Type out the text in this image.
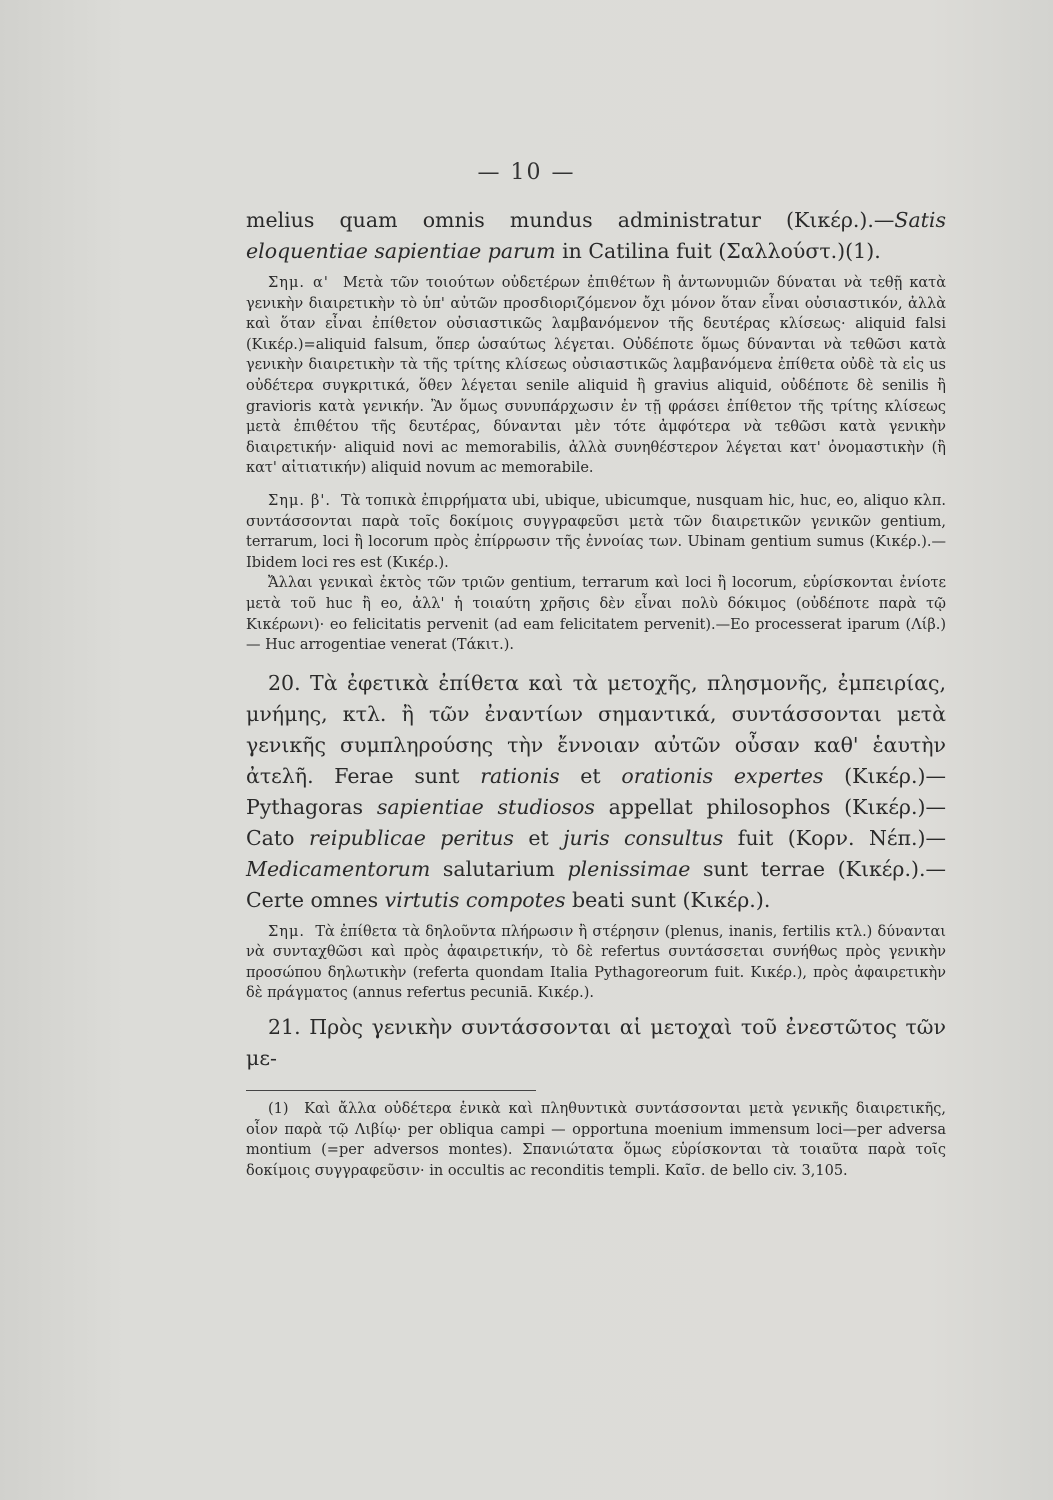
— 10 —

melius quam omnis mundus administratur (Κικέρ.).—Satis eloquentiae sapientiae parum in Catilina fuit (Σαλλούστ.)(1).

Σημ. α' Μετὰ τῶν τοιούτων οὐδετέρων ἐπιθέτων ἢ ἀντωνυμιῶν δύναται νὰ τεθῇ κατὰ γενικὴν διαιρετικὴν τὸ ὑπ' αὐτῶν προσδιοριζόμενον ὄχι μόνον ὅταν εἶναι οὐσιαστικόν, ἀλλὰ καὶ ὅταν εἶναι ἐπίθετον οὐσιαστικῶς λαμβανόμενον τῆς δευτέρας κλίσεως· aliquid falsi (Κικέρ.)=aliquid falsum, ὅπερ ὡσαύτως λέγεται. Οὐδέποτε ὅμως δύνανται νὰ τεθῶσι κατὰ γενικὴν διαιρετικὴν τὰ τῆς τρίτης κλίσεως οὐσιαστικῶς λαμβανόμενα ἐπίθετα οὐδὲ τὰ εἰς us οὐδέτερα συγκριτικά, ὅθεν λέγεται senile aliquid ἢ gravius aliquid, οὐδέποτε δὲ senilis ἢ gravioris κατὰ γενικήν. Ἂν ὅμως συνυπάρχωσιν ἐν τῇ φράσει ἐπίθετον τῆς τρίτης κλίσεως μετὰ ἐπιθέτου τῆς δευτέρας, δύνανται μὲν τότε ἀμφότερα νὰ τεθῶσι κατὰ γενικὴν διαιρετικήν· aliquid novi ac memorabilis, ἀλλὰ συνηθέστερον λέγεται κατ' ὀνομαστικὴν (ἢ κατ' αἰτιατικήν) aliquid novum ac memorabile.

Σημ. β'. Τὰ τοπικὰ ἐπιρρήματα ubi, ubique, ubicumque, nusquam hic, huc, eo, aliquo κλπ. συντάσσονται παρὰ τοῖς δοκίμοις συγγραφεῦσι μετὰ τῶν διαιρετικῶν γενικῶν gentium, terrarum, loci ἢ locorum πρὸς ἐπίρρωσιν τῆς ἐννοίας των. Ubinam gentium sumus (Κικέρ.).—Ibidem loci res est (Κικέρ.).

Ἄλλαι γενικαὶ ἐκτὸς τῶν τριῶν gentium, terrarum καὶ loci ἢ locorum, εὑρίσκονται ἐνίοτε μετὰ τοῦ huc ἢ eo, ἀλλ' ἡ τοιαύτη χρῆσις δὲν εἶναι πολὺ δόκιμος (οὐδέποτε παρὰ τῷ Κικέρωνι)· eo felicitatis pervenit (ad eam felicitatem pervenit).—Eo processerat iparum (Λίβ.) — Huc arrogentiae venerat (Τάκιτ.).

20. Τὰ ἐφετικὰ ἐπίθετα καὶ τὰ μετοχῆς, πλησμονῆς, ἐμπειρίας, μνήμης, κτλ. ἢ τῶν ἐναντίων σημαντικά, συντάσσονται μετὰ γενικῆς συμπληρούσης τὴν ἔννοιαν αὐτῶν οὖσαν καθ' ἑαυτὴν ἀτελῆ. Ferae sunt rationis et orationis expertes (Κικέρ.)—Pythagoras sapientiae studiosos appellat philosophos (Κικέρ.)—Cato reipublicae peritus et juris consultus fuit (Κορν. Νέπ.)—Medicamentorum salutarium plenissimae sunt terrae (Κικέρ.).—Certe omnes virtutis compotes beati sunt (Κικέρ.).

Σημ. Τὰ ἐπίθετα τὰ δηλοῦντα πλήρωσιν ἢ στέρησιν (plenus, inanis, fertilis κτλ.) δύνανται νὰ συνταχθῶσι καὶ πρὸς ἀφαιρετικήν, τὸ δὲ refertus συντάσσεται συνήθως πρὸς γενικὴν προσώπου δηλωτικὴν (referta quondam Italia Pythagoreorum fuit. Κικέρ.), πρὸς ἀφαιρετικὴν δὲ πράγματος (annus refertus pecuniā. Κικέρ.).

21. Πρὸς γενικὴν συντάσσονται αἱ μετοχαὶ τοῦ ἐνεστῶτος τῶν με-

(1) Καὶ ἄλλα οὐδέτερα ἑνικὰ καὶ πληθυντικὰ συντάσσονται μετὰ γενικῆς διαιρετικῆς, οἷον παρὰ τῷ Λιβίῳ· per obliqua campi — opportuna moenium immensum loci—per adversa montium (=per adversos montes). Σπανιώτατα ὅμως εὑρίσκονται τὰ τοιαῦτα παρὰ τοῖς δοκίμοις συγγραφεῦσιν· in occultis ac reconditis templi. Καῖσ. de bello civ. 3,105.
